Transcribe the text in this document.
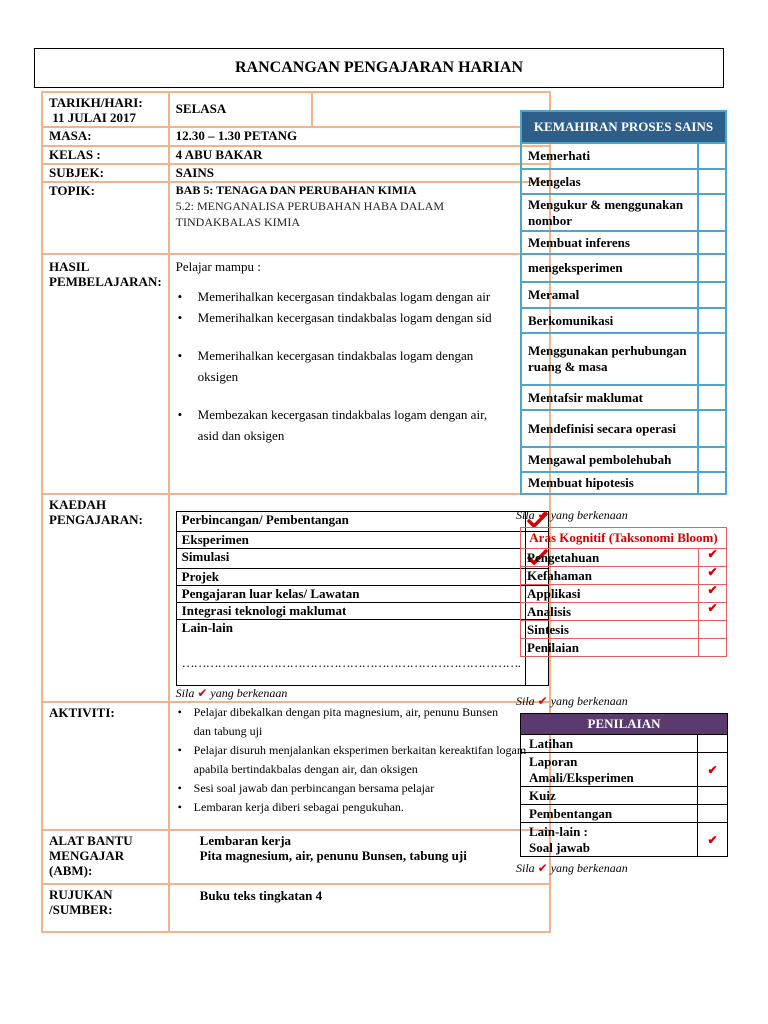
RANCANGAN PENGAJARAN HARIAN
TARIKH/HARI:
11 JULAI 2017	
SELASA

MASA:	12.30 – 1.30 PETANG
KELAS :	4 ABU BAKAR
SUBJEK:	SAINS
TOPIK:	BAB 5: TENAGA DAN PERUBAHAN KIMIA
5.2: MENGANALISA PERUBAHAN HABA DALAM TINDAKBALAS KIMIA

HASIL PEMBELAJARAN:	
Pelajar mampu :
• Memerihalkan kecergasan tindakbalas logam dengan air
• Memerihalkan kecergasan tindakbalas logam dengan sid
• Memerihalkan kecergasan tindakbalas logam dengan oksigen
• Membezakan kecergasan tindakbalas logam dengan air, asid dan oksigen

KAEDAH PENGAJARAN:		Perbincangan/ Pembentangan	
Eksperimen	
Simulasi	
Projek	
Pengajaran luar kelas/ Lawatan	
Integrasi teknologi maklumat	

Lain-lain
………………………………………………………………………….

Sila ✔ yang berkenaan

AKTIVITI:	
•Pelajar dibekalkan dengan pita magnesium, air, penunu Bunsen dan tabung uji
• Pelajar disuruh menjalankan eksperimen berkaitan kereaktifan logam apabila bertindakbalas dengan air, dan oksigen
• Sesi soal jawab dan perbincangan bersama pelajar
• Lembaran kerja diberi sebagai pengukuhan.

ALAT BANTU MENGAJAR (ABM):	
Lembaran kerja
Pita magnesium, air, penunu Bunsen, tabung uji

RUJUKAN /SUMBER:	Buku teks tingkatan 4
KEMAHIRAN PROSES SAINS	
Memerhati	
Mengelas	
Mengukur & menggunakan nombor	
Membuat inferens	
mengeksperimen	
Meramal	
Berkomunikasi	
Menggunakan perhubungan ruang & masa	
Mentafsir maklumat	
Mendefinisi secara operasi	
Mengawal pembolehubah	
Membuat hipotesis	
Sila ✔ yang berkenaan
Aras Kognitif (Taksonomi Bloom)	
Pengetahuan	✔
Kefahaman	✔
Applikasi	✔
Analisis	✔
Sintesis	
Penilaian	
Sila ✔ yang berkenaan
PENILAIAN	
Latihan	
Laporan Amali/Eksperimen	✔
Kuiz	
Pembentangan	
Lain-lain : Soal jawab	✔
Sila ✔ yang berkenaan
